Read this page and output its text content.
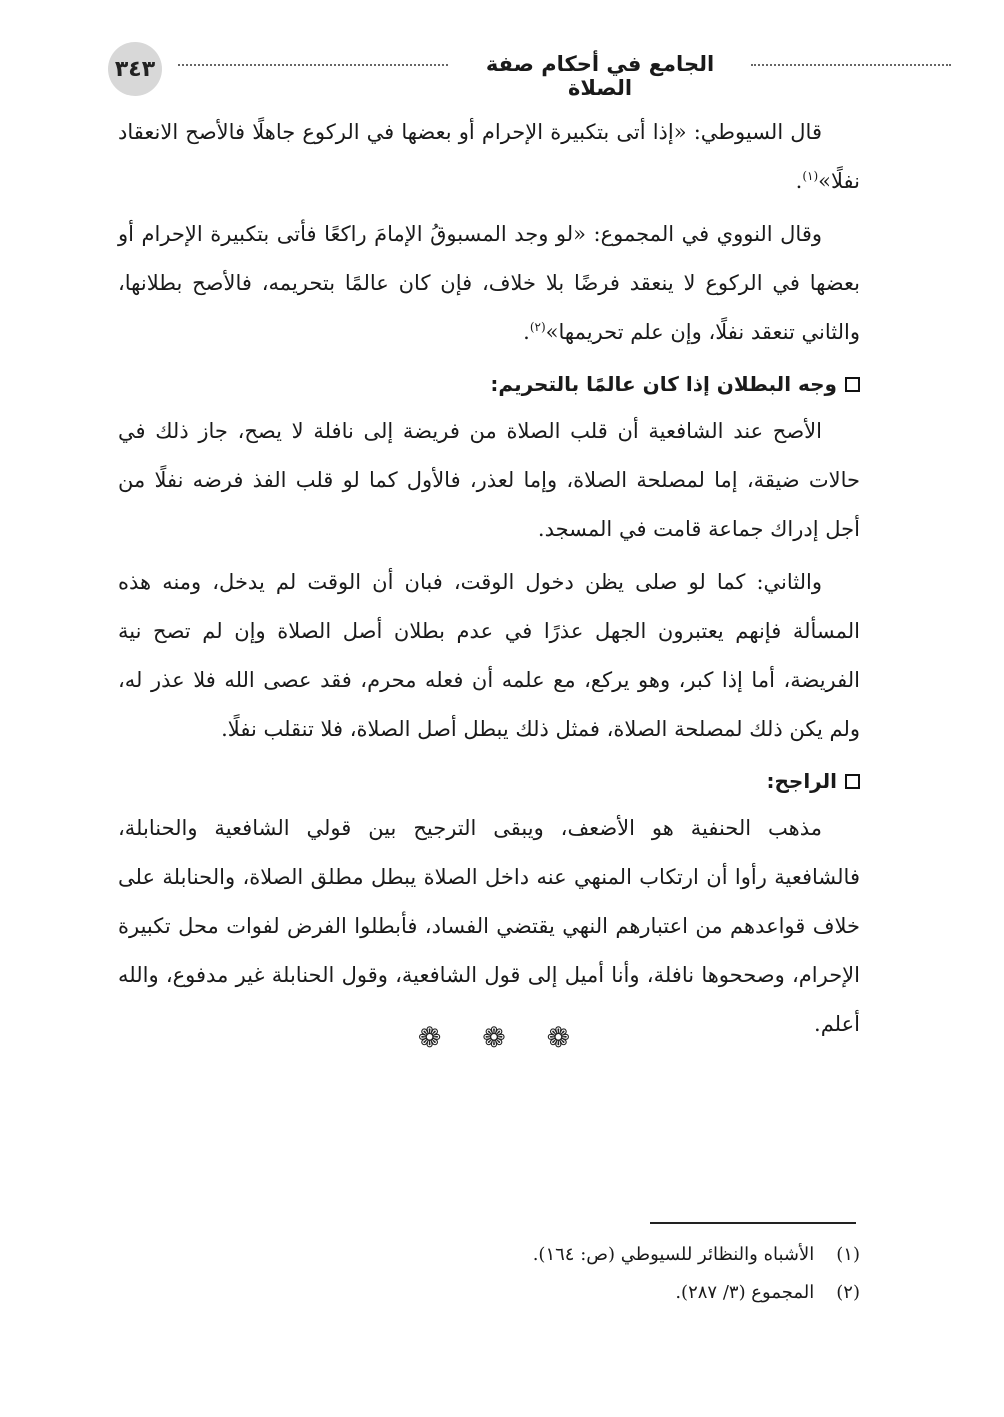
٣٤٣	الجامع في أحكام صفة الصلاة

قال السيوطي: «إذا أتى بتكبيرة الإحرام أو بعضها في الركوع جاهلًا فالأصح الانعقاد نفلًا»$^{(١)}$.

وقال النووي في المجموع: «لو وجد المسبوقُ الإمامَ راكعًا فأتى بتكبيرة الإحرام أو بعضها في الركوع لا ينعقد فرضًا بلا خلاف، فإن كان عالمًا بتحريمه، فالأصح بطلانها، والثاني تنعقد نفلًا، وإن علم تحريمها»$^{(٢)}$.

وجه البطلان إذا كان عالمًا بالتحريم:

الأصح عند الشافعية أن قلب الصلاة من فريضة إلى نافلة لا يصح، جاز ذلك في حالات ضيقة، إما لمصلحة الصلاة، وإما لعذر، فالأول كما لو قلب الفذ فرضه نفلًا من أجل إدراك جماعة قامت في المسجد.

والثاني: كما لو صلى يظن دخول الوقت، فبان أن الوقت لم يدخل، ومنه هذه المسألة فإنهم يعتبرون الجهل عذرًا في عدم بطلان أصل الصلاة وإن لم تصح نية الفريضة، أما إذا كبر، وهو يركع، مع علمه أن فعله محرم، فقد عصى الله فلا عذر له، ولم يكن ذلك لمصلحة الصلاة، فمثل ذلك يبطل أصل الصلاة، فلا تنقلب نفلًا.

الراجح:

مذهب الحنفية هو الأضعف، ويبقى الترجيح بين قولي الشافعية والحنابلة، فالشافعية رأوا أن ارتكاب المنهي عنه داخل الصلاة يبطل مطلق الصلاة، والحنابلة على خلاف قواعدهم من اعتبارهم النهي يقتضي الفساد، فأبطلوا الفرض لفوات محل تكبيرة الإحرام، وصححوها نافلة، وأنا أميل إلى قول الشافعية، وقول الحنابلة غير مدفوع، والله أعلم.

❁ ❁ ❁
(١) الأشباه والنظائر للسيوطي (ص: ١٦٤).
(٢) المجموع (٣/ ٢٨٧).
